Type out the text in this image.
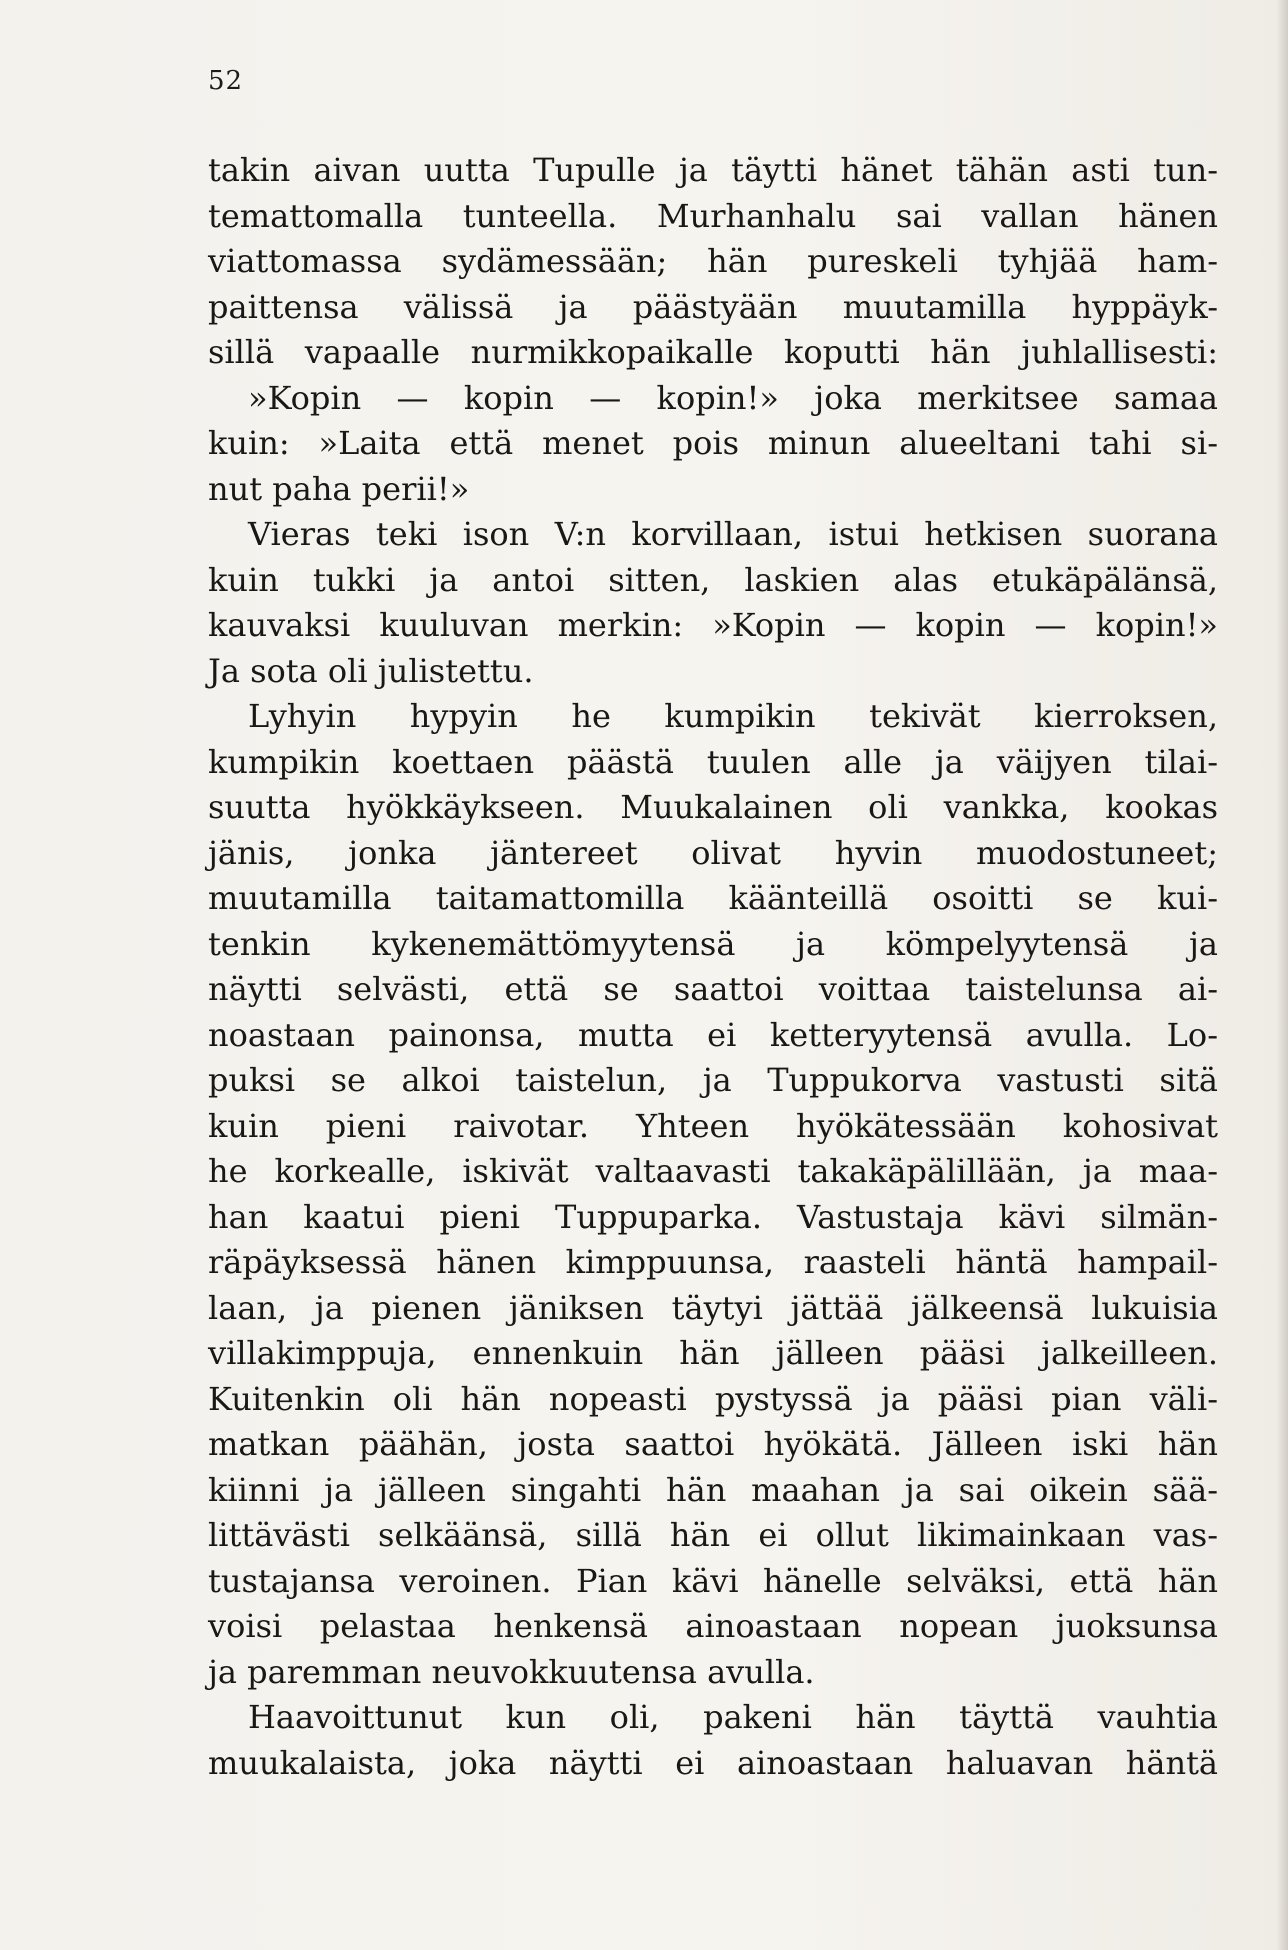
52
takin aivan uutta Tupulle ja täytti hänet tähän asti tun-
temattomalla tunteella. Murhanhalu sai vallan hänen
viattomassa sydämessään; hän pureskeli tyhjää ham-
paittensa välissä ja päästyään muutamilla hyppäyk-
sillä vapaalle nurmikkopaikalle koputti hän juhlallisesti:
»Kopin — kopin — kopin!» joka merkitsee samaa
kuin: »Laita että menet pois minun alueeltani tahi si-
nut paha perii!»
Vieras teki ison V:n korvillaan, istui hetkisen suorana
kuin tukki ja antoi sitten, laskien alas etukäpälänsä,
kauvaksi kuuluvan merkin: »Kopin — kopin — kopin!»
Ja sota oli julistettu.
Lyhyin hypyin he kumpikin tekivät kierroksen,
kumpikin koettaen päästä tuulen alle ja väijyen tilai-
suutta hyökkäykseen. Muukalainen oli vankka, kookas
jänis, jonka jäntereet olivat hyvin muodostuneet;
muutamilla taitamattomilla käänteillä osoitti se kui-
tenkin kykenemättömyytensä ja kömpelyytensä ja
näytti selvästi, että se saattoi voittaa taistelunsa ai-
noastaan painonsa, mutta ei ketteryytensä avulla. Lo-
puksi se alkoi taistelun, ja Tuppukorva vastusti sitä
kuin pieni raivotar. Yhteen hyökätessään kohosivat
he korkealle, iskivät valtaavasti takakäpälillään, ja maa-
han kaatui pieni Tuppuparka. Vastustaja kävi silmän-
räpäyksessä hänen kimppuunsa, raasteli häntä hampail-
laan, ja pienen jäniksen täytyi jättää jälkeensä lukuisia
villakimppuja, ennenkuin hän jälleen pääsi jalkeilleen.
Kuitenkin oli hän nopeasti pystyssä ja pääsi pian väli-
matkan päähän, josta saattoi hyökätä. Jälleen iski hän
kiinni ja jälleen singahti hän maahan ja sai oikein sää-
littävästi selkäänsä, sillä hän ei ollut likimainkaan vas-
tustajansa veroinen. Pian kävi hänelle selväksi, että hän
voisi pelastaa henkensä ainoastaan nopean juoksunsa
ja paremman neuvokkuutensa avulla.
Haavoittunut kun oli, pakeni hän täyttä vauhtia
muukalaista, joka näytti ei ainoastaan haluavan häntä
